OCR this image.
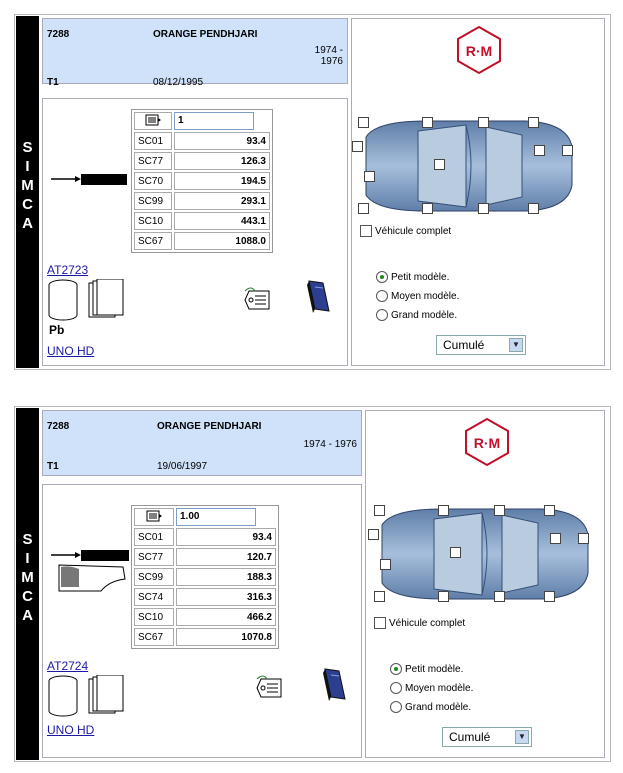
S
I
M
C
A
7288	ORANGE PENDHJARI
1974 - 1976
T1	08/12/1995

1

SC01	93.4
SC77	126.3
SC70	194.5
SC99	293.1
SC10	443.1
SC67	1088.0
AT2723
Pb
UNO HD
R·M
Véhicule complet
Petit modèle.
Moyen modèle.
Grand modèle.
Cumulé	▼
S
I
M
C
A
7288	ORANGE PENDHJARI
1974 - 1976
T1	19/06/1997

1.00

SC01	93.4
SC77	120.7
SC99	188.3
SC74	316.3
SC10	466.2
SC67	1070.8
AT2724
UNO HD
R·M
Véhicule complet
Petit modèle.
Moyen modèle.
Grand modèle.
Cumulé	▼
